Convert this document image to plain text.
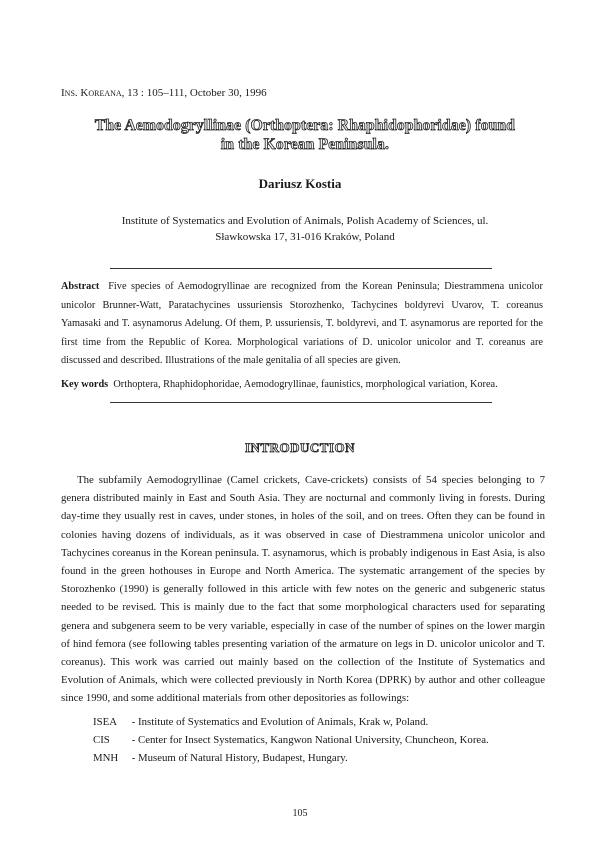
Ins. Koreana, 13 : 105–111, October 30, 1996
The Aemodogryllinae (Orthoptera: Rhaphidophoridae) found
in the Korean Peninsula.
Dariusz Kostia
Institute of Systematics and Evolution of Animals, Polish Academy of Sciences, ul.
Sławkowska 17, 31-016 Kraków, Poland
Abstract Five species of Aemodogryllinae are recognized from the Korean Peninsula; Diestrammena unicolor unicolor Brunner-Watt, Paratachycines ussuriensis Storozhenko, Tachycines boldyrevi Uvarov, T. coreanus Yamasaki and T. asynamorus Adelung. Of them, P. ussuriensis, T. boldyrevi, and T. asynamorus are reported for the first time from the Republic of Korea. Morphological variations of D. unicolor unicolor and T. coreanus are discussed and described. Illustrations of the male genitalia of all species are given.
Key words Orthoptera, Rhaphidophoridae, Aemodogryllinae, faunistics, morphological variation, Korea.
INTRODUCTION
The subfamily Aemodogryllinae (Camel crickets, Cave-crickets) consists of 54 species belonging to 7 genera distributed mainly in East and South Asia. They are nocturnal and commonly living in forests. During day-time they usually rest in caves, under stones, in holes of the soil, and on trees. Often they can be found in colonies having dozens of individuals, as it was observed in case of Diestrammena unicolor unicolor and Tachycines coreanus in the Korean peninsula. T. asynamorus, which is probably indigenous in East Asia, is also found in the green hothouses in Europe and North America. The systematic arrangement of the species by Storozhenko (1990) is generally followed in this article with few notes on the generic and subgeneric status needed to be revised. This is mainly due to the fact that some morphological characters used for separating genera and subgenera seem to be very variable, especially in case of the number of spines on the lower margin of hind femora (see following tables presenting variation of the armature on legs in D. unicolor unicolor and T. coreanus). This work was carried out mainly based on the collection of the Institute of Systematics and Evolution of Animals, which were collected previously in North Korea (DPRK) by author and other colleague since 1990, and some additional materials from other depositories as followings:
ISEA - Institute of Systematics and Evolution of Animals, Krak w, Poland.
CIS - Center for Insect Systematics, Kangwon National University, Chuncheon, Korea.
MNH - Museum of Natural History, Budapest, Hungary.
105
